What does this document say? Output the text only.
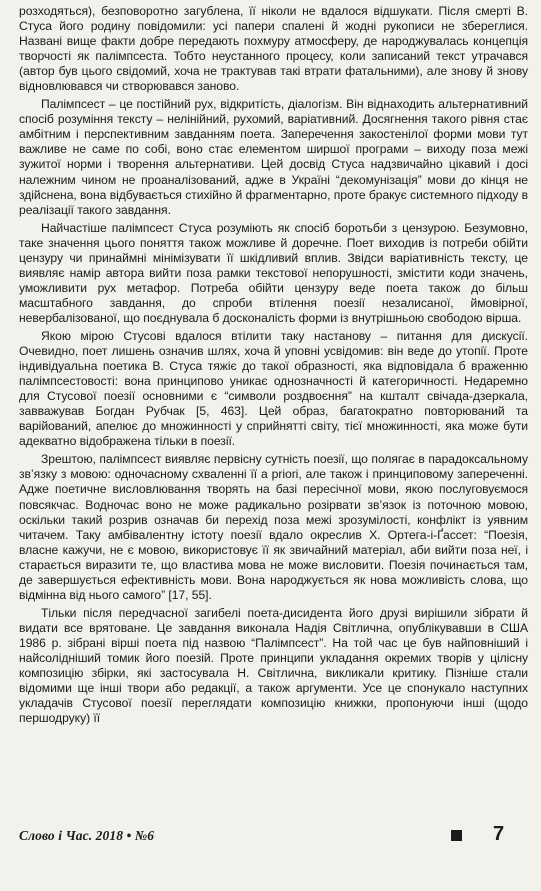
розходяться), безповоротно загублена, її ніколи не вдалося відшукати. Після смерті В. Стуса його родину повідомили: усі папери спалені й жодні рукописи не збереглися. Названі вище факти добре передають похмуру атмосферу, де народжувалась концепція творчості як палімпсеста. Тобто неустанного процесу, коли записаний текст утрачався (автор був цього свідомий, хоча не трактував такі втрати фатальними), але знову й знову відновлювався чи створювався заново.

Палімпсест – це постійний рух, відкритість, діалогізм. Він віднаходить альтернативний спосіб розуміння тексту – нелінійний, рухомий, варіативний. Досягнення такого рівня стає амбітним і перспективним завданням поета. Заперечення закостенілої форми мови тут важливе не саме по собі, воно стає елементом ширшої програми – виходу поза межі зужитої норми і творення альтернативи. Цей досвід Стуса надзвичайно цікавий і досі належним чином не проаналізований, адже в Україні “декомунізація” мови до кінця не здійснена, вона відбувається стихійно й фрагментарно, проте бракує системного підходу в реалізації такого завдання.

Найчастіше палімпсест Стуса розуміють як спосіб боротьби з цензурою. Безумовно, таке значення цього поняття також можливе й доречне. Поет виходив із потреби обійти цензуру чи принаймні мінімізувати її шкідливий вплив. Звідси варіативність тексту, це виявляє намір автора вийти поза рамки текстової непорушності, змістити коди значень, уможливити рух метафор. Потреба обійти цензуру веде поета також до більш масштабного завдання, до спроби втілення поезії незалисаної, ймовірної, невербалізованої, що поєднувала б досконалість форми із внутрішньою свободою вірша.

Якою мірою Стусові вдалося втілити таку настанову – питання для дискусії. Очевидно, поет лишень означив шлях, хоча й уповні усвідомив: він веде до утопії. Проте індивідуальна поетика В. Стуса тяжіє до такої образності, яка відповідала б враженню палімпсестовості: вона принципово уникає однозначності й категоричності. Недаремно для Стусової поезії основними є “символи роздвоєння” на кшталт свічада-дзеркала, завважував Богдан Рубчак [5, 463]. Цей образ, багатократно повторюваний та варійований, апелює до множинності у сприйнятті світу, тієї множинності, яка може бути адекватно відображена тільки в поезії.

Зрештою, палімпсест виявляє первісну сутність поезії, що полягає в парадоксальному зв’язку з мовою: одночасному схваленні її a priori, але також і принциповому запереченні. Адже поетичне висловлювання творять на базі пересічної мови, якою послуговуємося повсякчас. Водночас воно не може радикально розірвати зв’язок із поточною мовою, оскільки такий розрив означав би перехід поза межі зрозумілості, конфлікт із уявним читачем. Таку амбівалентну істоту поезії вдало окреслив Х. Ортега-і-Ґассет: “Поезія, власне кажучи, не є мовою, використовує її як звичайний матеріал, аби вийти поза неї, і старається виразити те, що властива мова не може висловити. Поезія починається там, де завершується ефективність мови. Вона народжується як нова можливість слова, що відмінна від нього самого” [17, 55].

Тільки після передчасної загибелі поета-дисидента його друзі вирішили зібрати й видати все врятоване. Це завдання виконала Надія Світлична, опублікувавши в США 1986 р. зібрані вірші поета під назвою “Палімпсест”. На той час це був найповніший і найсолідніший томик його поезій. Проте принципи укладання окремих творів у цілісну композицію збірки, які застосувала Н. Світлична, викликали критику. Пізніше стали відомими ще інші твори або редакції, а також аргументи. Усе це спонукало наступних укладачів Стусової поезії переглядати композицію книжки, пропонуючи інші (щодо першодруку) її

Слово і Час. 2018 • №6	7
